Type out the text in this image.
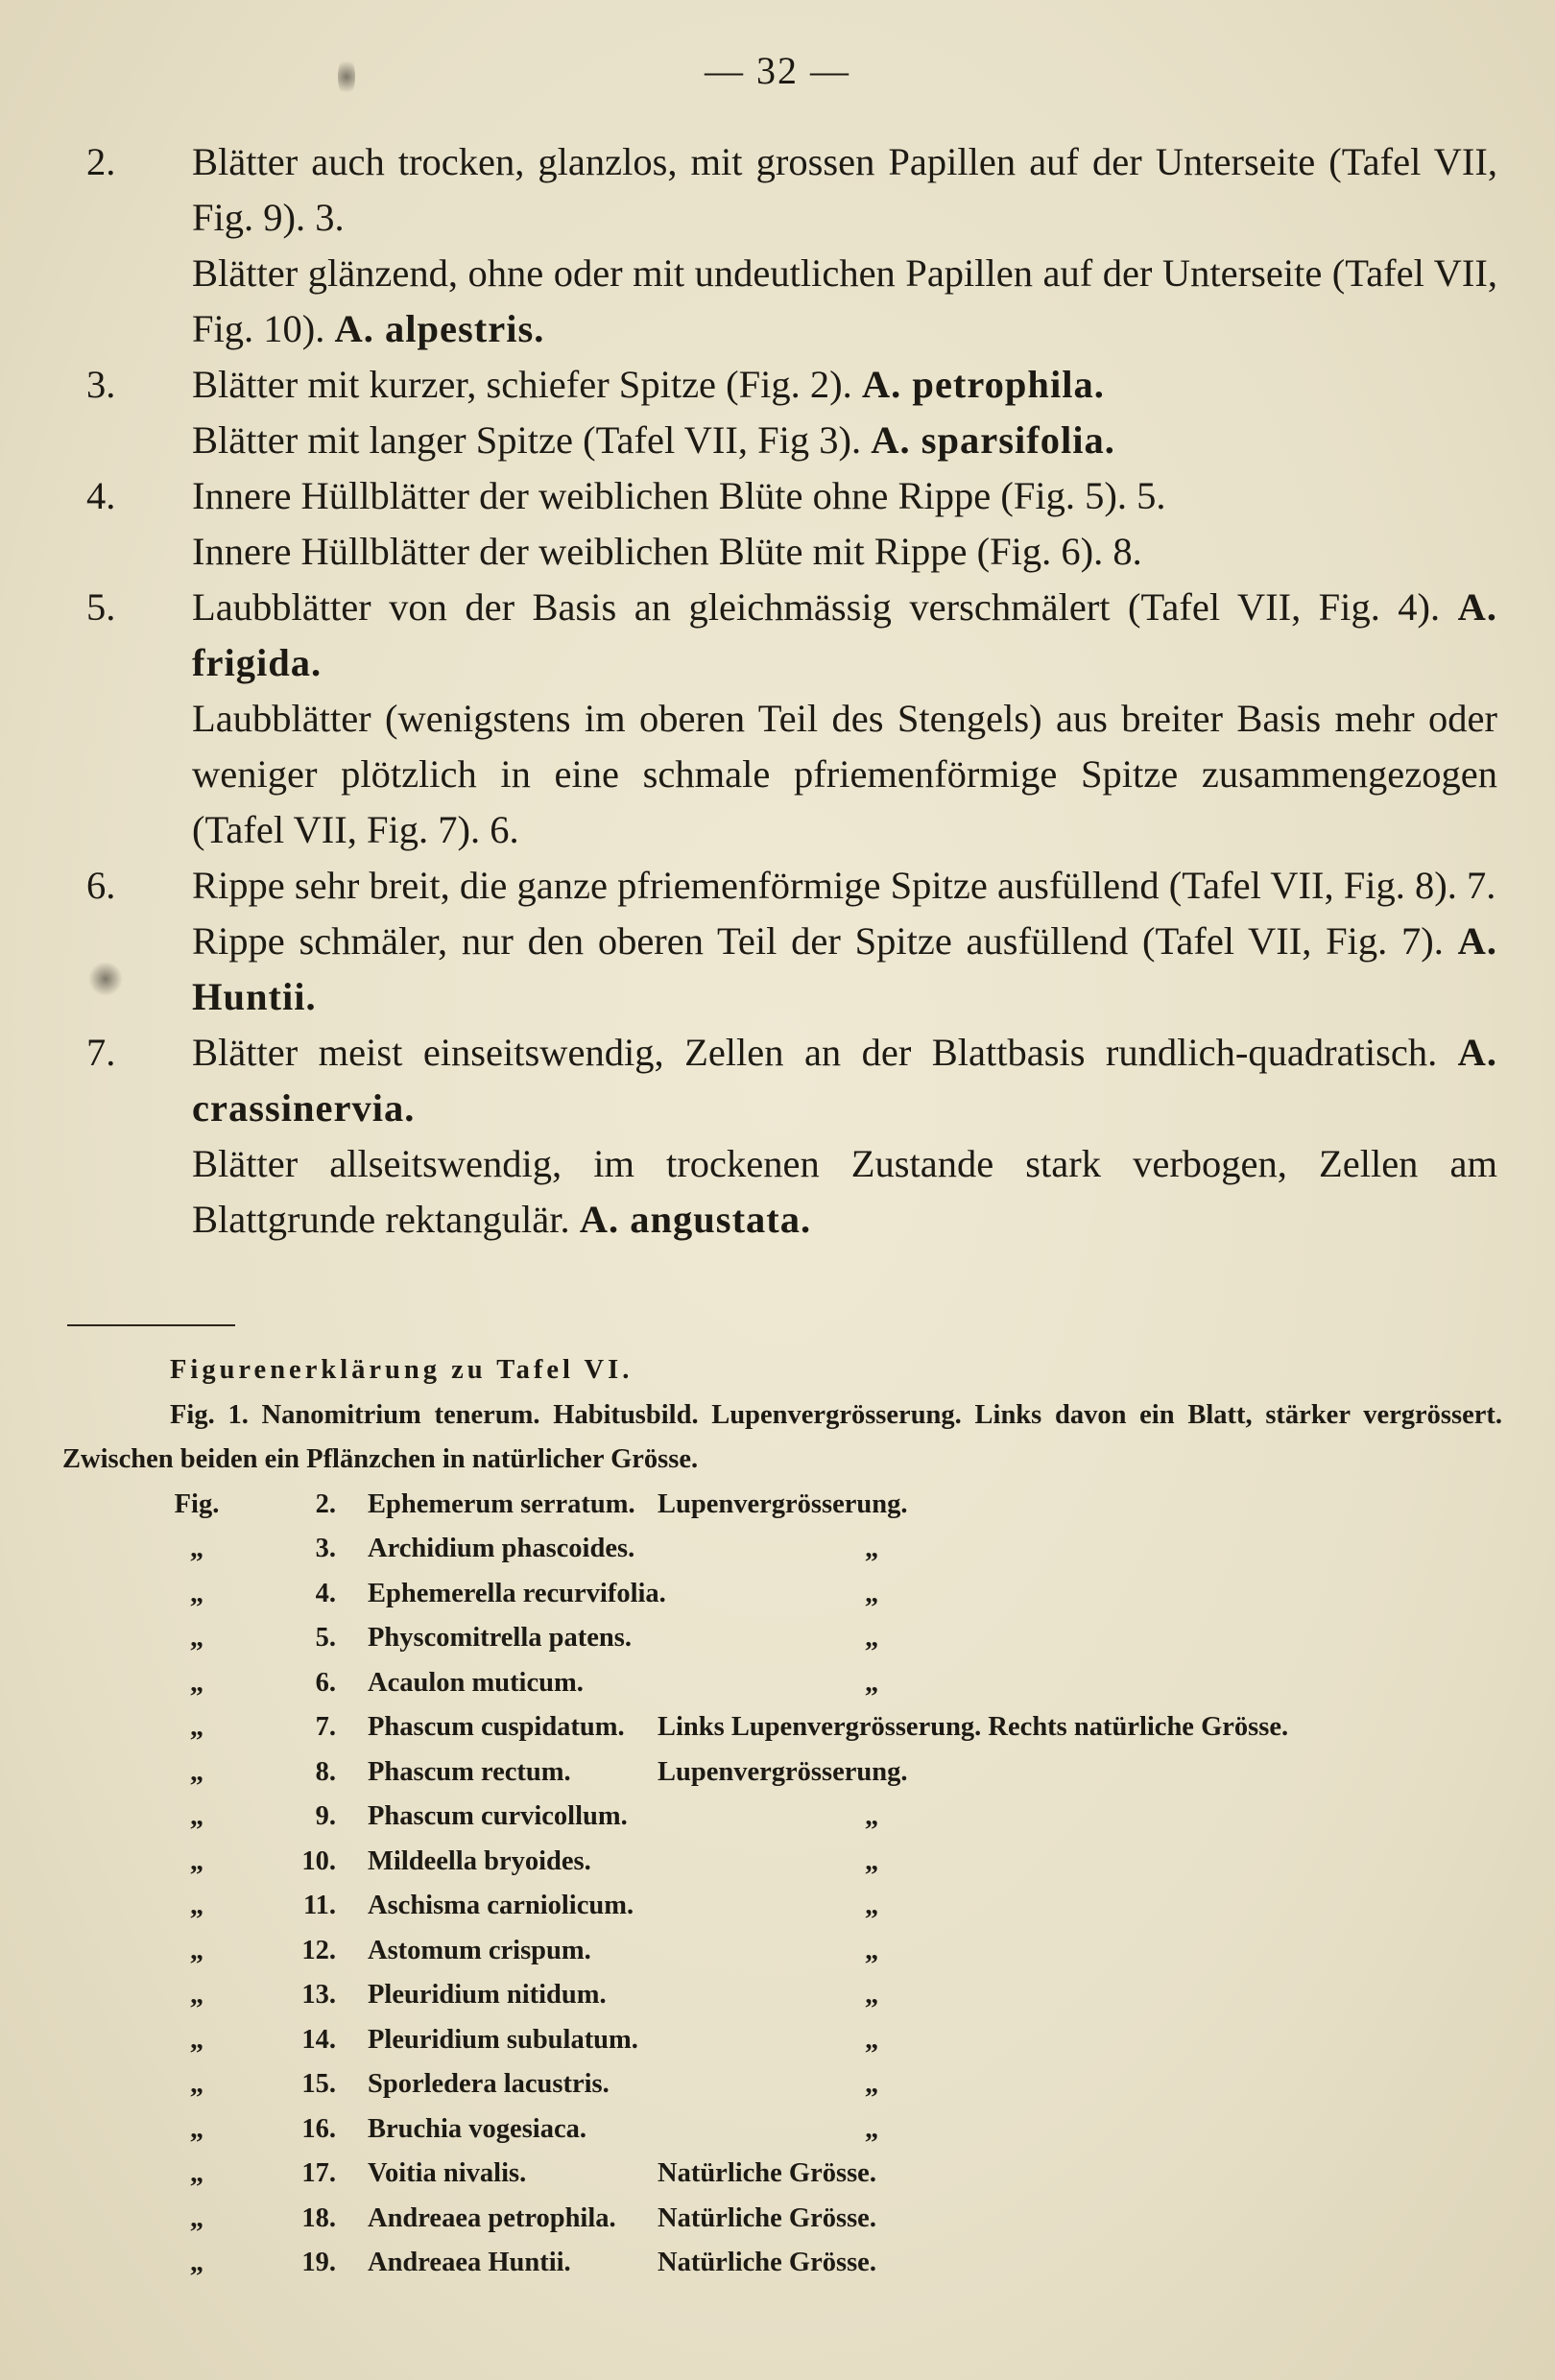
— 32 —
2.	Blätter auch trocken, glanzlos, mit grossen Papillen auf der Unterseite (Tafel VII, Fig. 9). 3.
Blätter glänzend, ohne oder mit undeutlichen Papillen auf der Unterseite (Tafel VII, Fig. 10). A. alpestris.
3.	Blätter mit kurzer, schiefer Spitze (Fig. 2). A. petrophila.
Blätter mit langer Spitze (Tafel VII, Fig 3). A. sparsifolia.
4.	Innere Hüllblätter der weiblichen Blüte ohne Rippe (Fig. 5). 5.
Innere Hüllblätter der weiblichen Blüte mit Rippe (Fig. 6). 8.
5.	Laubblätter von der Basis an gleichmässig verschmälert (Tafel VII, Fig. 4). A. frigida.
Laubblätter (wenigstens im oberen Teil des Stengels) aus breiter Basis mehr oder weniger plötzlich in eine schmale pfriemenförmige Spitze zusammengezogen (Tafel VII, Fig. 7). 6.
6.	Rippe sehr breit, die ganze pfriemenförmige Spitze ausfüllend (Tafel VII, Fig. 8). 7.
Rippe schmäler, nur den oberen Teil der Spitze ausfüllend (Tafel VII, Fig. 7). A. Huntii.
7.	Blätter meist einseitswendig, Zellen an der Blattbasis rundlich-quadratisch. A. crassinervia.
Blätter allseitswendig, im trockenen Zustande stark verbogen, Zellen am Blattgrunde rektangulär. A. angustata.
Figurenerklärung zu Tafel VI.
Fig. 1. Nanomitrium tenerum. Habitusbild. Lupenvergrösserung. Links davon ein Blatt, stärker vergrössert. Zwischen beiden ein Pflänzchen in natürlicher Grösse.
Fig.	2. Ephemerum serratum. Lupenvergrösserung.
„	3. Archidium phascoides.	„
„	4. Ephemerella recurvifolia.	„
„	5. Physcomitrella patens.	„
„	6. Acaulon muticum.	„
„	7. Phascum cuspidatum. Links Lupenvergrösserung. Rechts natürliche Grösse.
„	8. Phascum rectum.	Lupenvergrösserung.
„	9. Phascum curvicollum.	„
„	10. Mildeella bryoides.	„
„	11. Aschisma carniolicum.	„
„	12. Astomum crispum.	„
„	13. Pleuridium nitidum.	„
„	14. Pleuridium subulatum.	„
„	15. Sporledera lacustris.	„
„	16. Bruchia vogesiaca.	„
„	17. Voitia nivalis.	Natürliche Grösse.
„	18. Andreaea petrophila. Natürliche Grösse.
„	19. Andreaea Huntii.	Natürliche Grösse.
